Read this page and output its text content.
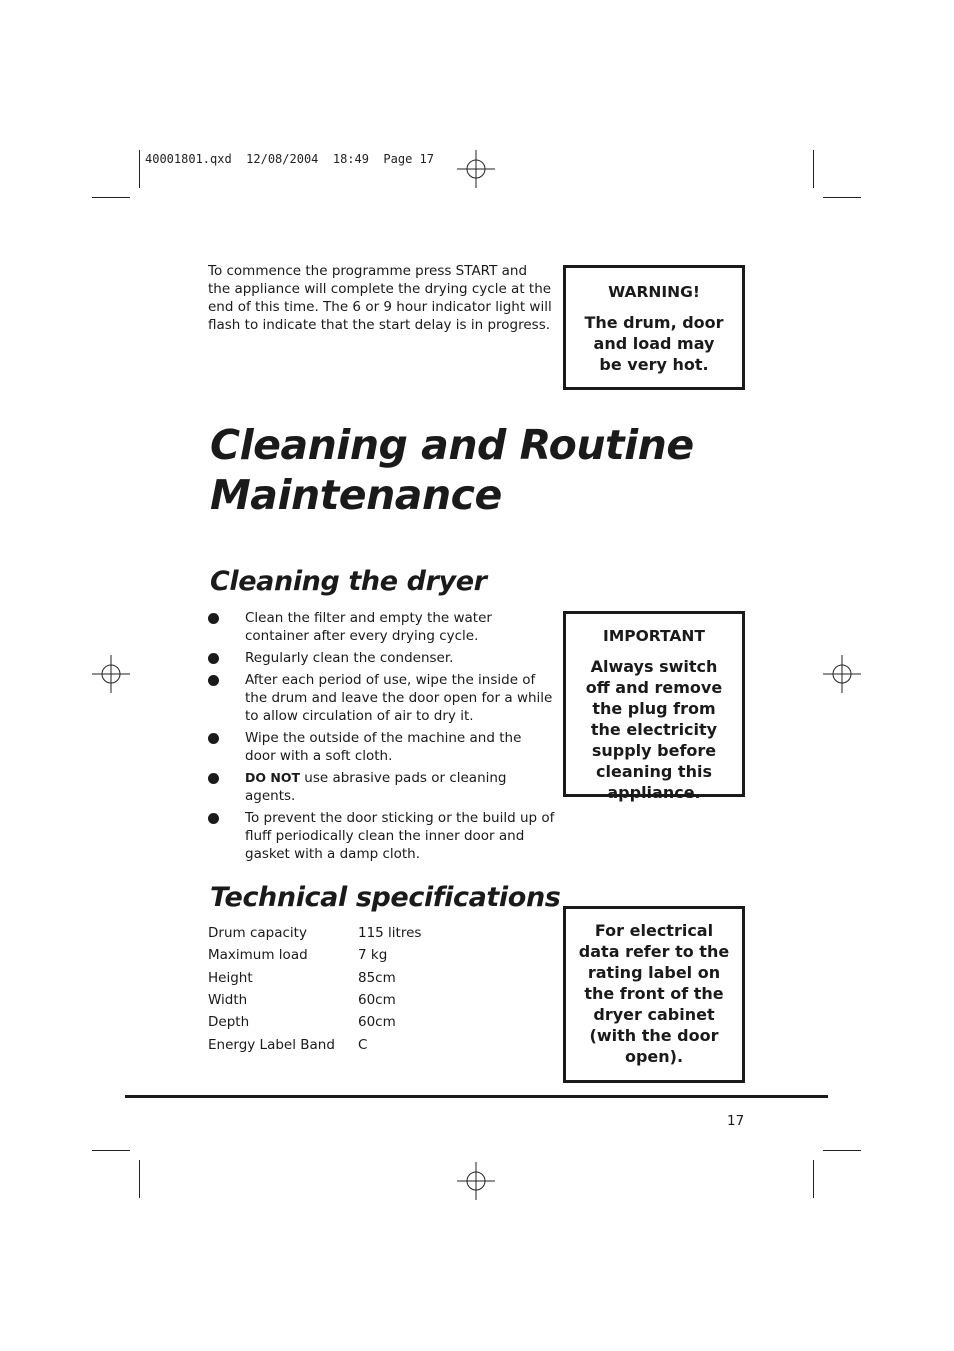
40001801.qxd  12/08/2004  18:49  Page 17
To commence the programme press START and the appliance will complete the drying cycle at the end of this time. The 6 or 9 hour indicator light will flash to indicate that the start delay is in progress.
WARNING!
The drum, door and load may be very hot.
Cleaning and Routine Maintenance
Cleaning the dryer
Clean the filter and empty the water container after every drying cycle.
Regularly clean the condenser.
After each period of use, wipe the inside of the drum and leave the door open for a while to allow circulation of air to dry it.
Wipe the outside of the machine and the door with a soft cloth.
DO NOT use abrasive pads or cleaning agents.
To prevent the door sticking or the build up of fluff periodically clean the inner door and gasket with a damp cloth.
IMPORTANT
Always switch off and remove the plug from the electricity supply before cleaning this appliance.
Technical specifications
Drum capacity	115 litres
Maximum load	7 kg
Height	85cm
Width	60cm
Depth	60cm
Energy Label Band	C
For electrical data refer to the rating label on the front of the dryer cabinet (with the door open).
17
